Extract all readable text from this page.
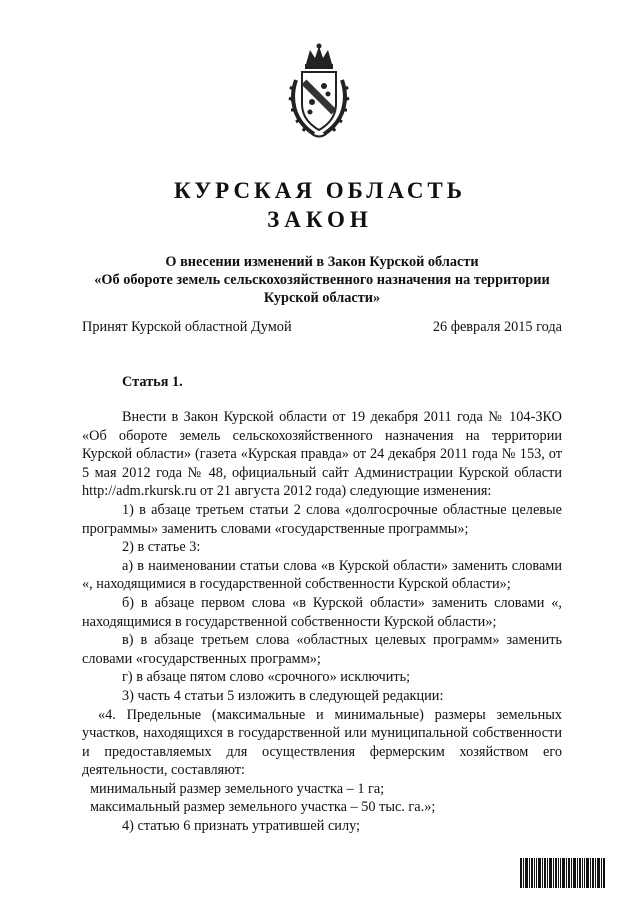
КУРСКАЯ ОБЛАСТЬ
ЗАКОН
О внесении изменений в Закон Курской области
«Об обороте земель сельскохозяйственного назначения на территории
Курской области»
Принят Курской областной Думой	26 февраля 2015 года
Статья 1.

Внести в Закон Курской области от 19 декабря 2011 года № 104-ЗКО «Об обороте земель сельскохозяйственного назначения на территории Курской области» (газета «Курская правда» от 24 декабря 2011 года № 153, от 5 мая 2012 года № 48, официальный сайт Администрации Курской области http://adm.rkursk.ru от 21 августа 2012 года) следующие изменения:

1) в абзаце третьем статьи 2 слова «долгосрочные областные целевые программы» заменить словами «государственные программы»;

2) в статье 3:

а) в наименовании статьи слова «в Курской области» заменить словами «, находящимися в государственной собственности Курской области»;

б) в абзаце первом слова «в Курской области» заменить словами «, находящимися в государственной собственности Курской области»;

в) в абзаце третьем слова «областных целевых программ» заменить словами «государственных программ»;

г) в абзаце пятом слово «срочного» исключить;

3) часть 4 статьи 5 изложить в следующей редакции:

«4. Предельные (максимальные и минимальные) размеры земельных участков, находящихся в государственной или муниципальной собственности и предоставляемых для осуществления фермерским хозяйством его деятельности, составляют:

минимальный размер земельного участка – 1 га;

максимальный размер земельного участка – 50 тыс. га.»;

4) статью 6 признать утратившей силу;
